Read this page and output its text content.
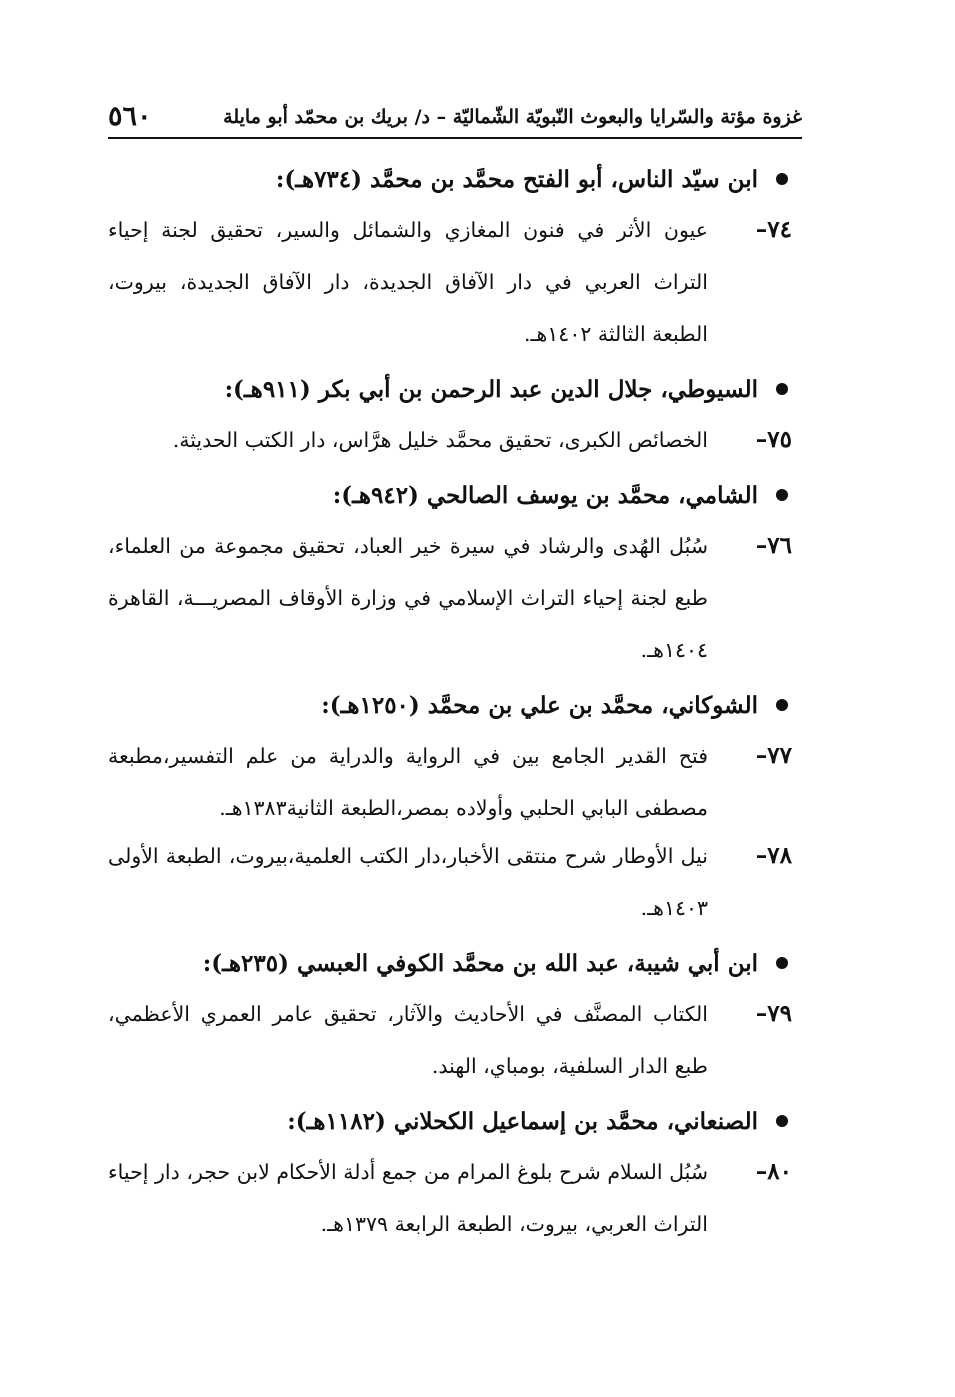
غزوة مؤتة والسّرايا والبعوث النّبويّة الشّماليّة – د/ بريك بن محمّد أبو مايلة
٥٦٠
ابن سيّد الناس، أبو الفتح محمَّد بن محمَّد (٧٣٤هـ):
٧٤–
عيون الأثر في فنون المغازي والشمائل والسير، تحقيق لجنة إحياء التراث العربي في دار الآفاق الجديدة، دار الآفاق الجديدة، بيروت، الطبعة الثالثة ١٤٠٢هـ.
السيوطي، جلال الدين عبد الرحمن بن أبي بكر (٩١١هـ):
٧٥–
الخصائص الكبرى، تحقيق محمَّد خليل هرَّاس، دار الكتب الحديثة.
الشامي، محمَّد بن يوسف الصالحي (٩٤٢هـ):
٧٦–
سُبُل الهُدى والرشاد في سيرة خير العباد، تحقيق مجموعة من العلماء، طبع لجنة إحياء التراث الإسلامي في وزارة الأوقاف المصريـــة، القاهرة ١٤٠٤هـ.
الشوكاني، محمَّد بن علي بن محمَّد (١٢٥٠هـ):
٧٧–
فتح القدير الجامع بين في الرواية والدراية من علم التفسير،مطبعة مصطفى البابي الحلبي وأولاده بمصر،الطبعة الثانية١٣٨٣هـ.
٧٨–
نيل الأوطار شرح منتقى الأخبار،دار الكتب العلمية،بيروت، الطبعة الأولى ١٤٠٣هـ.
ابن أبي شيبة، عبد الله بن محمَّد الكوفي العبسي (٢٣٥هـ):
٧٩–
الكتاب المصنَّف في الأحاديث والآثار، تحقيق عامر العمري الأعظمي، طبع الدار السلفية، بومباي، الهند.
الصنعاني، محمَّد بن إسماعيل الكحلاني (١١٨٢هـ):
٨٠–
سُبُل السلام شرح بلوغ المرام من جمع أدلة الأحكام لابن حجر، دار إحياء التراث العربي، بيروت، الطبعة الرابعة ١٣٧٩هـ.
